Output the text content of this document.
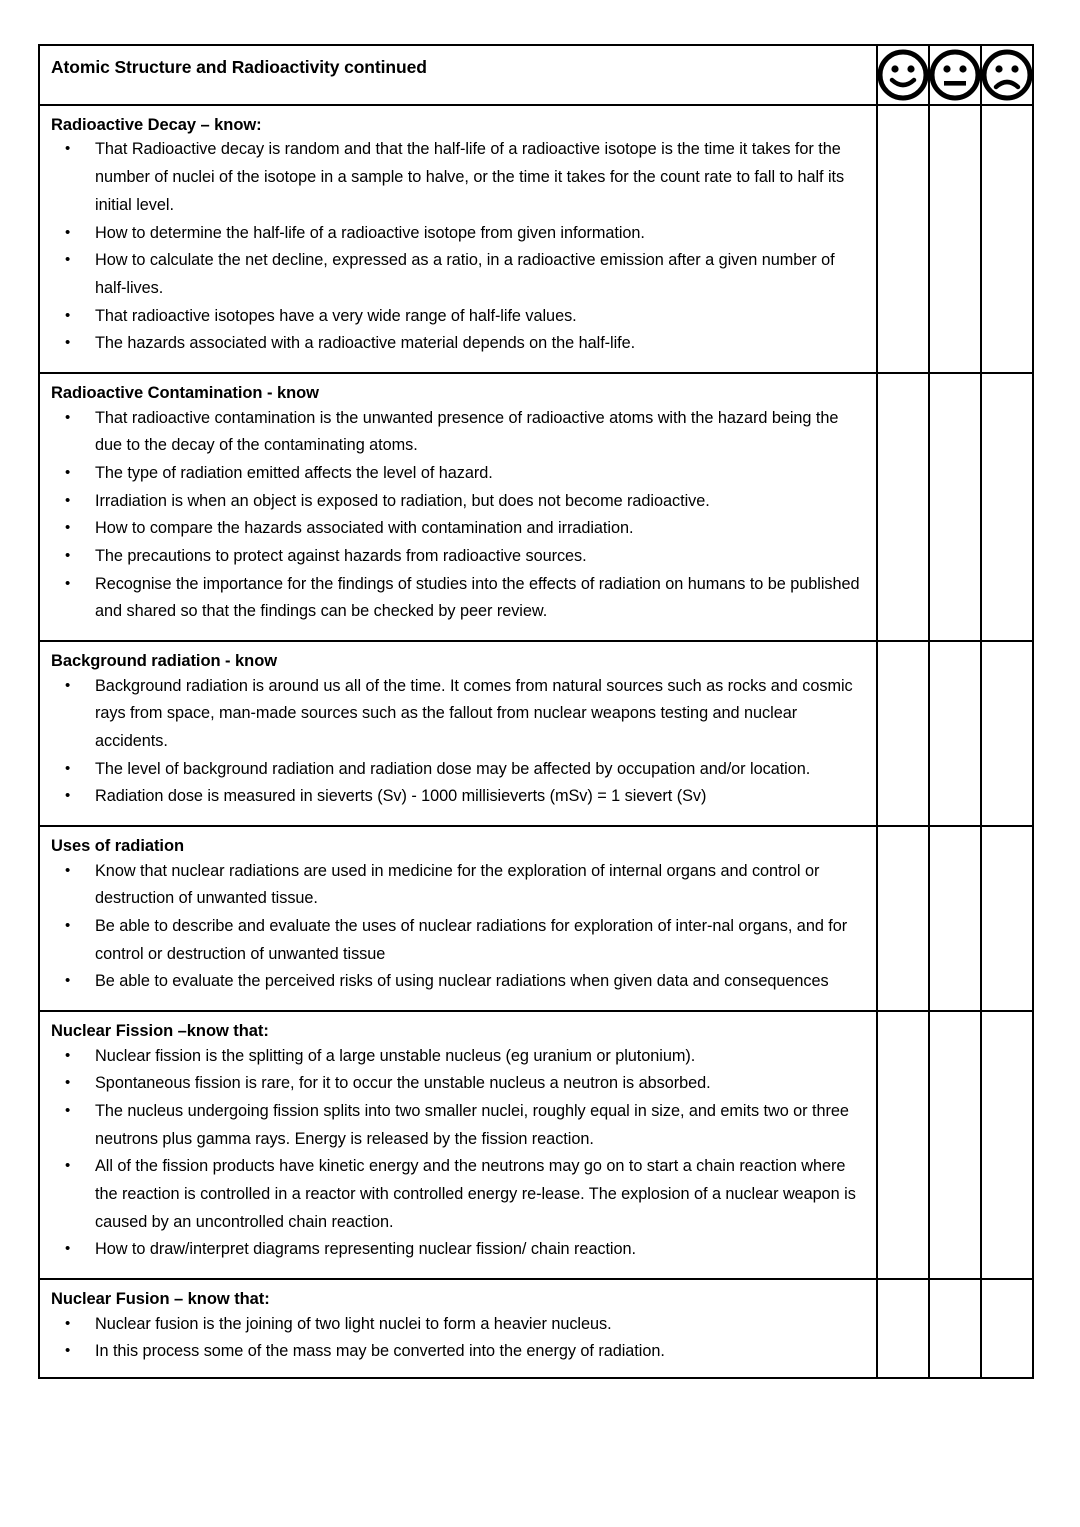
Atomic Structure and Radioactivity continued

Radioactive Decay – know:
• That Radioactive decay is random and that the half-life of a radioactive isotope is the time it takes for the number of nuclei of the isotope in a sample to halve, or the time it takes for the count rate to fall to half its initial level.
• How to determine the half-life of a radioactive isotope from given information.
• How to calculate the net decline, expressed as a ratio, in a radioactive emission after a given number of half-lives.
• That radioactive isotopes have a very wide range of half-life values.
• The hazards associated with a radioactive material depends on the half-life.

Radioactive Contamination - know
• That radioactive contamination is the unwanted presence of radioactive atoms with the hazard being the due to the decay of the contaminating atoms.
• The type of radiation emitted affects the level of hazard.
• Irradiation is when an object is exposed to radiation, but does not become radioactive.
• How to compare the hazards associated with contamination and irradiation.
• The precautions to protect against hazards from radioactive sources.
• Recognise the importance for the findings of studies into the effects of radiation on humans to be published and shared so that the findings can be checked by peer review.

Background radiation - know
• Background radiation is around us all of the time. It comes from natural sources such as rocks and cosmic rays from space, man-made sources such as the fallout from nuclear weapons testing and nuclear accidents.
• The level of background radiation and radiation dose may be affected by occupation and/or location.
• Radiation dose is measured in sieverts (Sv) - 1000 millisieverts (mSv) = 1 sievert (Sv)

Uses of radiation
• Know that nuclear radiations are used in medicine for the exploration of internal organs and control or destruction of unwanted tissue.
• Be able to describe and evaluate the uses of nuclear radiations for exploration of inter-nal organs, and for control or destruction of unwanted tissue
• Be able to evaluate the perceived risks of using nuclear radiations when given data and consequences

Nuclear Fission –know that:
• Nuclear fission is the splitting of a large unstable nucleus (eg uranium or plutonium).
• Spontaneous fission is rare, for it to occur the unstable nucleus a neutron is absorbed.
• The nucleus undergoing fission splits into two smaller nuclei, roughly equal in size, and emits two or three neutrons plus gamma rays. Energy is released by the fission reaction.
• All of the fission products have kinetic energy and the neutrons may go on to start a chain reaction where the reaction is controlled in a reactor with controlled energy re-lease. The explosion of a nuclear weapon is caused by an uncontrolled chain reaction.
• How to draw/interpret diagrams representing nuclear fission/ chain reaction.

Nuclear Fusion – know that:
• Nuclear fusion is the joining of two light nuclei to form a heavier nucleus.
• In this process some of the mass may be converted into the energy of radiation.
